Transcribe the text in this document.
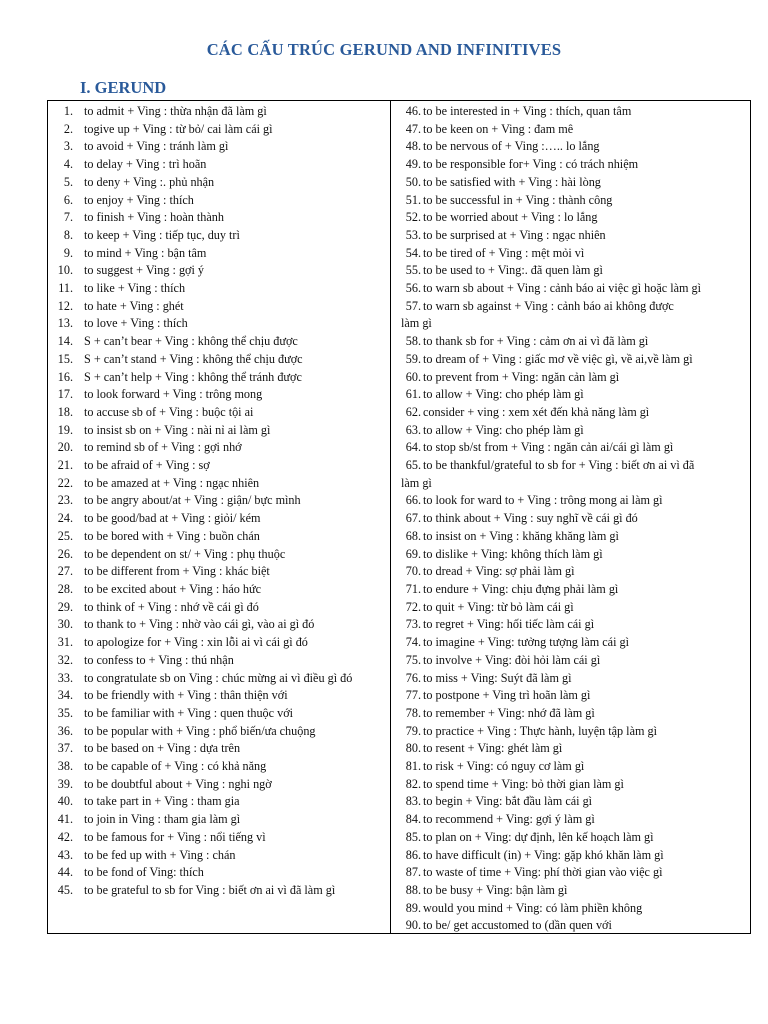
CÁC CẤU TRÚC GERUND AND INFINITIVES
I. GERUND
1. to admit + Ving : thừa nhận đã làm gì
2. togive up + Ving : từ bỏ/ cai làm cái gì
3. to avoid + Ving : tránh làm gì
4. to delay + Ving : trì hoãn
5. to deny + Ving :. phủ nhận
6. to enjoy + Ving : thích
7. to finish + Ving : hoàn thành
8. to keep + Ving : tiếp tục, duy trì
9. to mind + Ving : bận tâm
10. to suggest + Ving : gợi ý
11. to like + Ving : thích
12. to hate + Ving : ghét
13. to love + Ving : thích
14. S + can’t bear + Ving : không thể chịu được
15. S + can’t stand + Ving : không thể chịu được
16. S + can’t help + Ving : không thể tránh được
17. to look forward + Ving : trông mong
18. to accuse sb of + Ving : buộc tội ai
19. to insist sb on + Ving : nài nỉ ai làm gì
20. to remind sb of + Ving : gợi nhớ
21. to be afraid of + Ving : sợ
22. to be amazed at + Ving : ngạc nhiên
23. to be angry about/at + Ving : giận/ bực mình
24. to be good/bad at + Ving : giỏi/ kém
25. to be bored with + Ving : buồn chán
26. to be dependent on st/ + Ving : phụ thuộc
27. to be different from + Ving : khác biệt
28. to be excited about + Ving : háo hức
29. to think of + Ving : nhớ về cái gì đó
30. to thank to + Ving : nhờ vào cái gì, vào ai gì đó
31. to apologize for + Ving : xin lỗi ai vì cái gì đó
32. to confess to + Ving : thú nhận
33. to congratulate sb on Ving : chúc mừng ai vì điều gì đó
34. to be friendly with + Ving : thân thiện với
35. to be familiar with + Ving : quen thuộc với
36. to be popular with + Ving : phổ biến/ưa chuộng
37. to be based on + Ving : dựa trên
38. to be capable of + Ving : có khả năng
39. to be doubtful about + Ving : nghi ngờ
40. to take part in + Ving : tham gia
41. to join in Ving : tham gia làm gì
42. to be famous for + Ving : nổi tiếng vì
43. to be fed up with + Ving : chán
44. to be fond of Ving: thích
45. to be grateful to sb for Ving : biết ơn ai vì đã làm gì
46. to be interested in + Ving : thích, quan tâm
47. to be keen on + Ving : đam mê
48. to be nervous of + Ving :….. lo lắng
49. to be responsible for+ Ving : có trách nhiệm
50. to be satisfied with + Ving : hài lòng
51. to be successful in + Ving : thành công
52. to be worried about + Ving : lo lắng
53. to be surprised at + Ving : ngạc nhiên
54. to be tired of + Ving : mệt mỏi vì
55. to be used to + Ving:. đã quen làm gì
56. to warn sb about + Ving : cảnh báo ai việc gì hoặc làm gì
57. to warn sb against + Ving : cảnh báo ai không được
làm gì
58. to thank sb for + Ving : cảm ơn ai vì đã làm gì
59. to dream of + Ving : giấc mơ về việc gì, về ai,về làm gì
60. to prevent from + Ving: ngăn cản làm gì
61. to allow + Ving: cho phép làm gì
62. consider + ving : xem xét đến khả năng làm gì
63. to allow + Ving: cho phép làm gì
64. to stop sb/st from + Ving : ngăn cản ai/cái gì làm gì
65. to be thankful/grateful to sb for + Ving : biết ơn ai vì đã
làm gì
66. to look for ward to + Ving : trông mong ai làm gì
67. to think about + Ving : suy nghĩ về cái gì đó
68. to insist on + Ving : khăng khăng làm gì
69. to dislike + Ving: không thích làm gì
70. to dread + Ving: sợ phải làm gì
71. to endure + Ving: chịu đựng phải làm gì
72. to quit + Ving: từ bỏ làm cái gì
73. to regret + Ving: hối tiếc làm cái gì
74. to imagine + Ving: tưởng tượng làm cái gì
75. to involve + Ving: đòi hỏi làm cái gì
76. to miss + Ving: Suýt đã làm gì
77. to postpone + Ving trì hoãn làm gì
78. to remember + Ving: nhớ đã làm gì
79. to practice + Ving : Thực hành, luyện tập làm gì
80. to resent + Ving: ghét làm gì
81. to risk + Ving: có nguy cơ làm gì
82. to spend time + Ving: bỏ thời gian làm gì
83. to begin + Ving: bắt đầu làm cái gì
84. to recommend + Ving: gợi ý làm gì
85. to plan on + Ving: dự định, lên kế hoạch làm gì
86. to have difficult (in) + Ving: gặp khó khăn làm gì
87. to waste of time + Ving: phí thời gian vào việc gì
88. to be busy + Ving: bận làm gì
89. would you mind + Ving: có làm phiền không
90. to be/ get accustomed to (dần quen với
